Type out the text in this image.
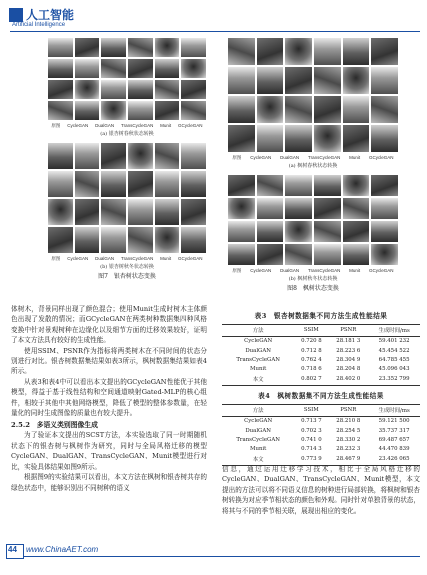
人工智能
Artificial Intelligence
原图 CycleGAN DualGAN TransCycleGAN Munit GCycleGAN
(a) 银杏树春秋状态转换
原图 CycleGAN DualGAN TransCycleGAN Munit GCycleGAN
(b) 银杏树秋冬状态转换
图7　银杏树状态变换
原图 CycleGAN DualGAN TransCycleGAN Munit GCycleGAN
(a) 枫树春秋状态转换
原图 CycleGAN DualGAN TransCycleGAN Munit GCycleGAN
(b) 枫树秋冬状态转换
图8　枫树状态变换
体树木，背景同样出现了颜色混合；使用Munit生成时树木主体颜色出现了发散的情况；而GCycleGAN在两类树种数据集四种风格变换中针对景观树种在边缘化以及细节方面的迁移效果较好，证明了本文方法具有较好的生成性能。
使用SSIM、PSNR作为指标将两类树木在不同时间的状态分别进行对比。银杏树数据集结果如表3所示，枫树数据集结果如表4所示。
从表3和表4中可以看出本文提出的GCycleGAN性能优于其他模型，得益于基于线性结构和空间通道映射Gated-MLP的核心组件，相较于其他中其他网络模型，降低了模型的整体参数量，在轻量化的同时生成图像的质量也有较大提升。
2.5.2　多语义类别图像生成
为了验证本文提出的SCST方法，本实验选取了同一时期随机状态下的银杏树与枫树作为研究，同时与全局风格迁移的模型CycleGAN、DualGAN、TransCycleGAN、Munit模型进行对比，实验具体结果如图9所示。
根据图9的实验结果可以看出，本文方法在枫树和银杏树共存的绿色状态中，能够识别出不同树种的语义
表3　银杏树数据集不同方法生成性能结果
方法	SSIM	PSNR	生成时间/ms
CycleGAN	0.720 8	28.181 3	59.401 232
DualGAN	0.712 8	28.223 6	45.454 522
TransCycleGAN	0.762 4	28.304 9	64.785 455
Munit	0.718 6	28.204 8	45.096 043
本文	0.802 7	28.402 0	23.352 799
表4　枫树数据集不同方法生成性能结果
方法	SSIM	PSNR	生成时间/ms
CycleGAN	0.713 7	28.210 8	59.121 500
DualGAN	0.702 3	28.254 5	35.737 317
TransCycleGAN	0.741 0	28.330 2	69.487 657
Munit	0.714 3	28.232 3	44.470 839
本文	0.773 9	28.467 9	23.426 065
信息，通过运用迁移学习技术，相比于全局风格迁移的CycleGAN、DualGAN、TransCycleGAN、Munit模型，本文提出的方法可以将不同语义信息的树种进行局部转换，将枫树和银杏树转换为对应季节相状态的颜色和外观。同时针对单独背景的状态，将其与不同的季节相关联，展现出相应的变化。
44 www.ChinaAET.com
